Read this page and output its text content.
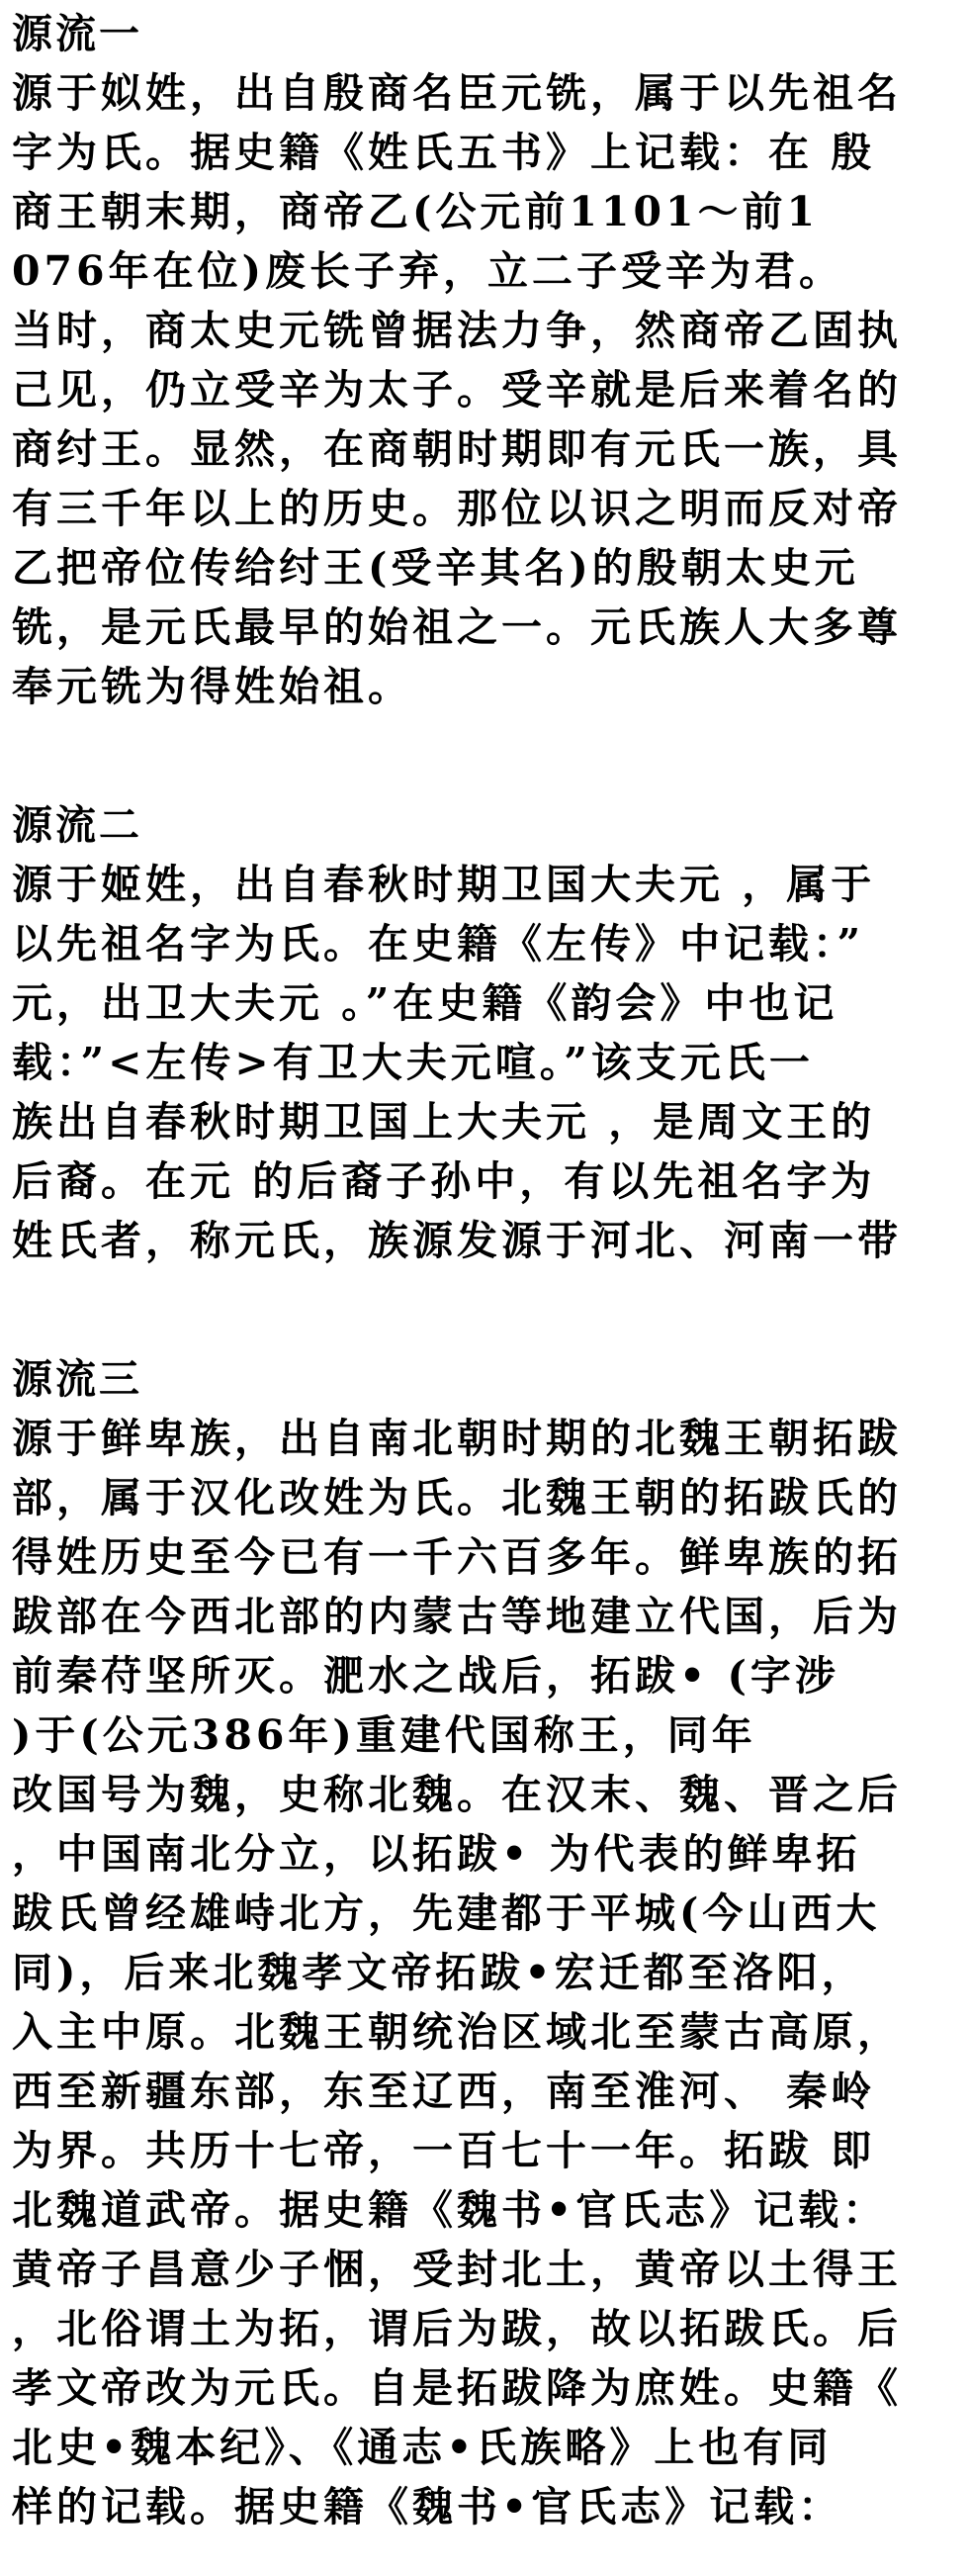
源流一
源于姒姓，出自殷商名臣元铣，属于以先祖名
字为氏。据史籍《姓氏五书》上记载：在 殷
商王朝末期，商帝乙(公元前1101～前1
076年在位)废长子弃，立二子受辛为君。
当时，商太史元铣曾据法力争，然商帝乙固执
己见，仍立受辛为太子。受辛就是后来着名的
商纣王。显然，在商朝时期即有元氏一族，具
有三千年以上的历史。那位以识之明而反对帝
乙把帝位传给纣王(受辛其名)的殷朝太史元
铣，是元氏最早的始祖之一。元氏族人大多尊
奉元铣为得姓始祖。
源流二
源于姬姓，出自春秋时期卫国大夫元 ，属于
以先祖名字为氏。在史籍《左传》中记载：”
元，出卫大夫元 。”在史籍《韵会》中也记
载：”<左传>有卫大夫元喧。”该支元氏一
族出自春秋时期卫国上大夫元 ，是周文王的
后裔。在元 的后裔子孙中，有以先祖名字为
姓氏者，称元氏，族源发源于河北、河南一带
源流三
源于鲜卑族，出自南北朝时期的北魏王朝拓跋
部，属于汉化改姓为氏。北魏王朝的拓跋氏的
得姓历史至今已有一千六百多年。鲜卑族的拓
跋部在今西北部的内蒙古等地建立代国，后为
前秦苻坚所灭。淝水之战后，拓跋• (字涉
)于(公元386年)重建代国称王，同年
改国号为魏，史称北魏。在汉末、魏、晋之后
，中国南北分立，以拓跋• 为代表的鲜卑拓
跋氏曾经雄峙北方，先建都于平城(今山西大
同)，后来北魏孝文帝拓跋•宏迁都至洛阳，
入主中原。北魏王朝统治区域北至蒙古高原，
西至新疆东部，东至辽西，南至淮河、 秦岭
为界。共历十七帝，一百七十一年。拓跋 即
北魏道武帝。据史籍《魏书•官氏志》记载：
黄帝子昌意少子悃，受封北土，黄帝以土得王
，北俗谓土为拓，谓后为跋，故以拓跋氏。后
孝文帝改为元氏。自是拓跋降为庶姓。史籍《
北史•魏本纪》、《通志•氏族略》上也有同
样的记载。据史籍《魏书•官氏志》记载：
